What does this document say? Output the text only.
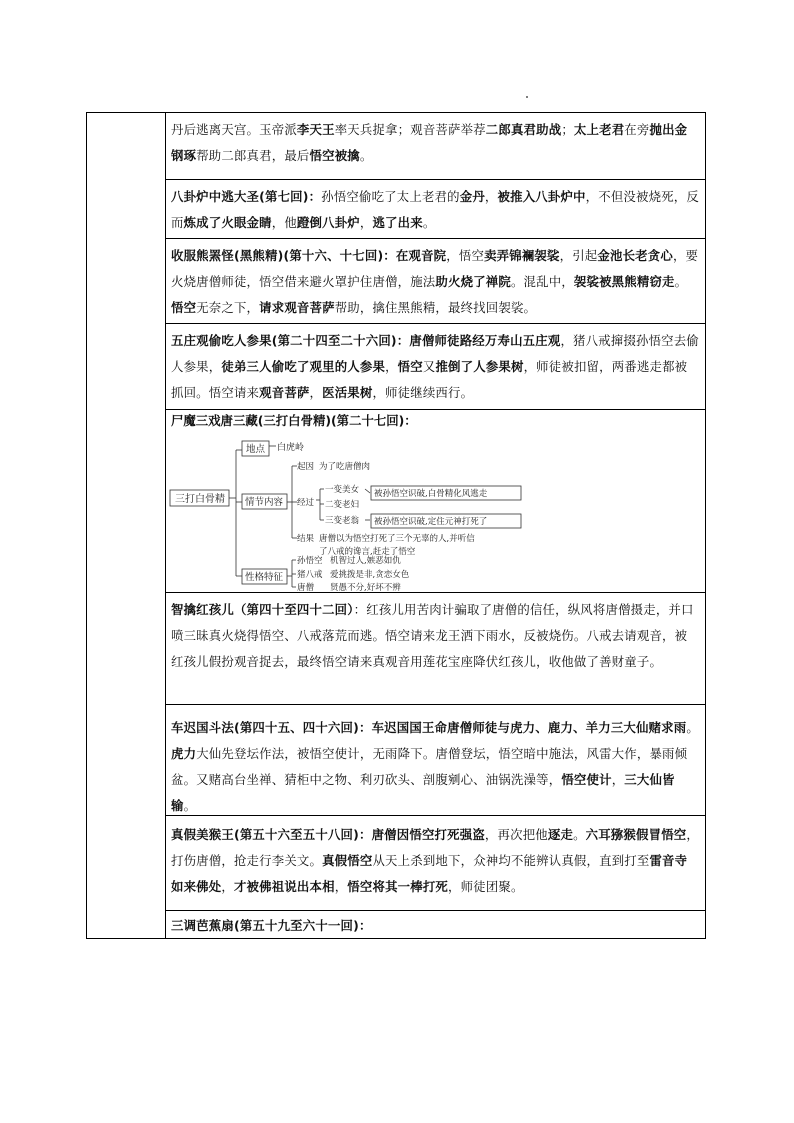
丹后逃离天宫。玉帝派李天王率天兵捉拿；观音菩萨举荐二郎真君助战；太上老君在旁抛出金钢琢帮助二郎真君，最后悟空被擒。
八卦炉中逃大圣(第七回)：孙悟空偷吃了太上老君的金丹，被推入八卦炉中，不但没被烧死，反而炼成了火眼金睛，他蹬倒八卦炉，逃了出来。
收服熊罴怪(黑熊精)(第十六、十七回)：在观音院，悟空卖弄锦襕袈裟，引起金池长老贪心，要火烧唐僧师徒，悟空借来避火罩护住唐僧，施法助火烧了禅院。混乱中，袈裟被黑熊精窃走。悟空无奈之下，请求观音菩萨帮助，擒住黑熊精，最终找回袈裟。
五庄观偷吃人参果(第二十四至二十六回)：唐僧师徒路经万寿山五庄观，猪八戒撺掇孙悟空去偷人参果，徒弟三人偷吃了观里的人参果，悟空又推倒了人参果树，师徒被扣留，两番逃走都被抓回。悟空请来观音菩萨，医活果树，师徒继续西行。
尸魔三戏唐三藏(三打白骨精)(第二十七回)：
三打白骨精
地点 白虎岭
情节内容
起因 为了吃唐僧肉
经过
一变美女
二变老妇
三变老翁
被孙悟空识破,白骨精化风逃走
被孙悟空识破,定住元神打死了
结果 唐僧以为悟空打死了三个无辜的人,并听信
了八戒的谗言,赶走了悟空
性格特征
孙悟空 机智过人,嫉恶如仇
猪八戒 爱挑拨是非,贪恋女色
唐僧 贤愚不分,好坏不辨
智擒红孩儿（第四十至四十二回）：红孩儿用苦肉计骗取了唐僧的信任，纵风将唐僧摄走，并口喷三昧真火烧得悟空、八戒落荒而逃。悟空请来龙王洒下雨水，反被烧伤。八戒去请观音，被红孩儿假扮观音捉去，最终悟空请来真观音用莲花宝座降伏红孩儿，收他做了善财童子。
车迟国斗法(第四十五、四十六回)：车迟国国王命唐僧师徒与虎力、鹿力、羊力三大仙赌求雨。虎力大仙先登坛作法，被悟空使计，无雨降下。唐僧登坛，悟空暗中施法，风雷大作，暴雨倾盆。又赌高台坐禅、猜柜中之物、利刃砍头、剖腹剜心、油锅洗澡等，悟空使计，三大仙皆输。
真假美猴王(第五十六至五十八回)：唐僧因悟空打死强盗，再次把他逐走。六耳猕猴假冒悟空，打伤唐僧，抢走行李关文。真假悟空从天上杀到地下，众神均不能辨认真假，直到打至雷音寺如来佛处，才被佛祖说出本相，悟空将其一棒打死，师徒团聚。
三调芭蕉扇(第五十九至六十一回)：
